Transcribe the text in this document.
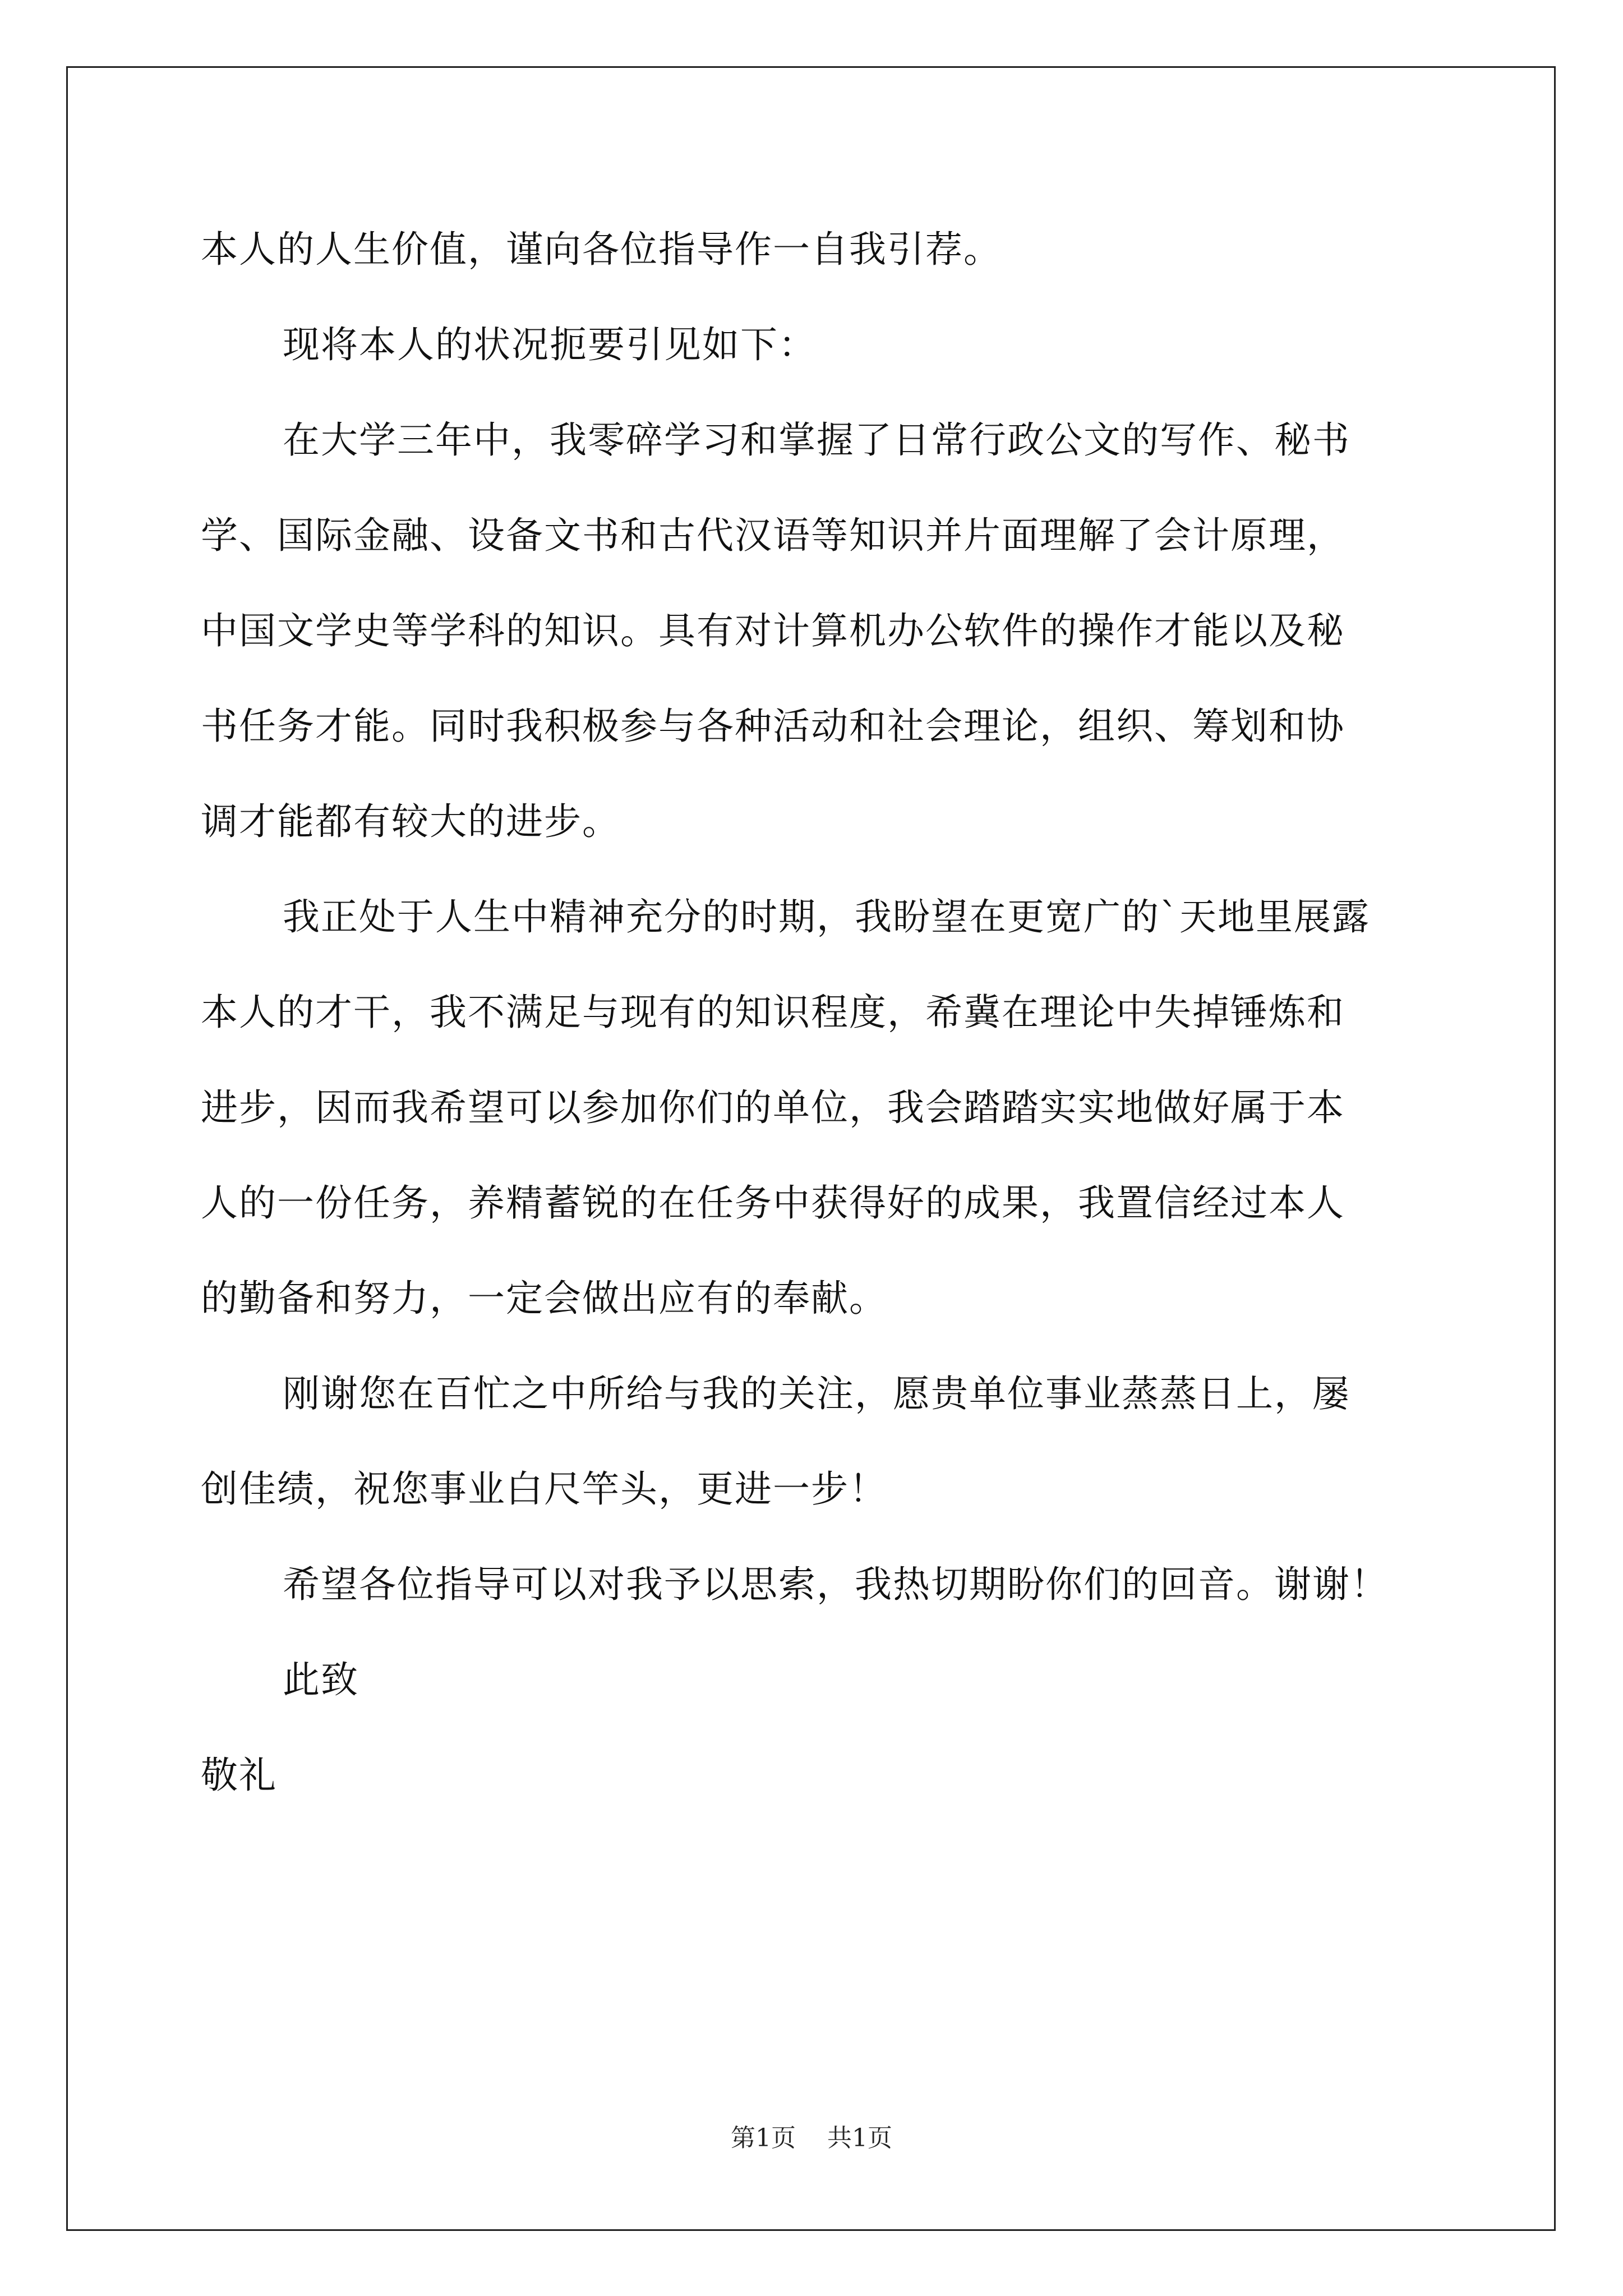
本人的人生价值，谨向各位指导作一自我引荐。
现将本人的状况扼要引见如下：
在大学三年中，我零碎学习和掌握了日常行政公文的写作、秘书
学、国际金融、设备文书和古代汉语等知识并片面理解了会计原理，
中国文学史等学科的知识。具有对计算机办公软件的操作才能以及秘
书任务才能。同时我积极参与各种活动和社会理论，组织、筹划和协
调才能都有较大的进步。
我正处于人生中精神充分的时期，我盼望在更宽广的`天地里展露
本人的才干，我不满足与现有的知识程度，希冀在理论中失掉锤炼和
进步，因而我希望可以参加你们的单位，我会踏踏实实地做好属于本
人的一份任务，养精蓄锐的在任务中获得好的成果，我置信经过本人
的勤备和努力，一定会做出应有的奉献。
刚谢您在百忙之中所给与我的关注，愿贵单位事业蒸蒸日上，屡
创佳绩，祝您事业白尺竿头，更进一步！
希望各位指导可以对我予以思索，我热切期盼你们的回音。谢谢！
此致
敬礼
第1页 共1页
